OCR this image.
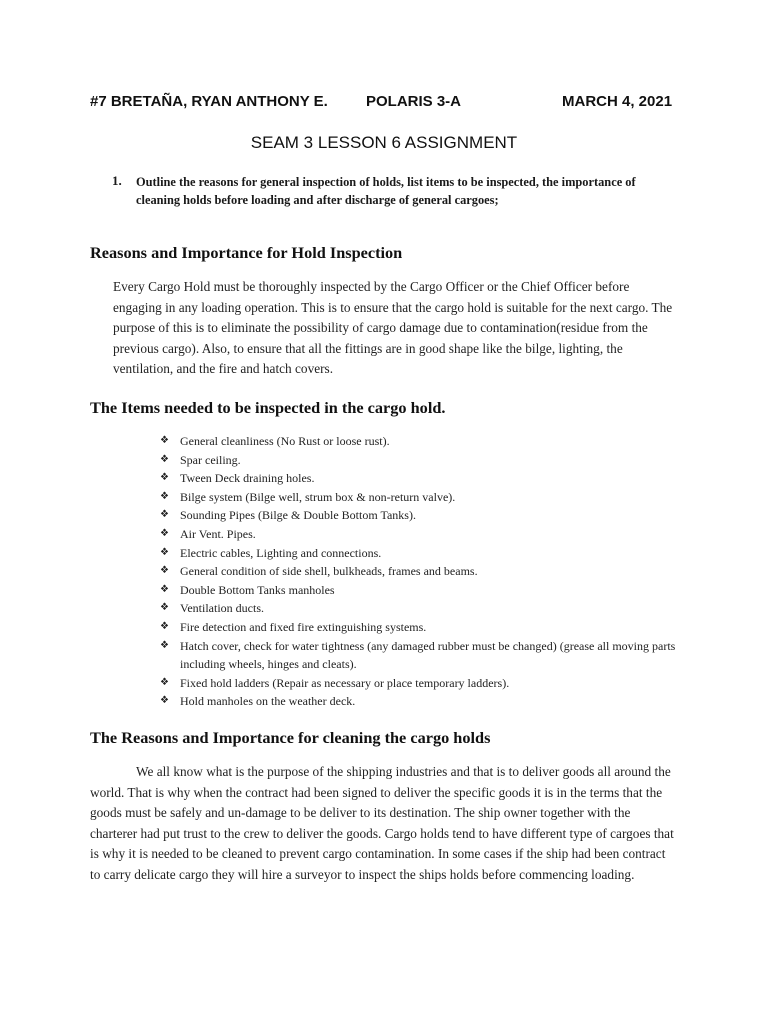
#7 BRETAÑA, RYAN ANTHONY E.	POLARIS 3-A	MARCH 4, 2021
SEAM 3 LESSON 6 ASSIGNMENT
1. Outline the reasons for general inspection of holds, list items to be inspected, the importance of cleaning holds before loading and after discharge of general cargoes;

Reasons and Importance for Hold Inspection

Every Cargo Hold must be thoroughly inspected by the Cargo Officer or the Chief Officer before engaging in any loading operation. This is to ensure that the cargo hold is suitable for the next cargo. The purpose of this is to eliminate the possibility of cargo damage due to contamination(residue from the previous cargo). Also, to ensure that all the fittings are in good shape like the bilge, lighting, the ventilation, and the fire and hatch covers.

The Items needed to be inspected in the cargo hold.
❖ General cleanliness (No Rust or loose rust).
❖ Spar ceiling.
❖ Tween Deck draining holes.
❖ Bilge system (Bilge well, strum box & non-return valve).
❖ Sounding Pipes (Bilge & Double Bottom Tanks).
❖ Air Vent. Pipes.
❖ Electric cables, Lighting and connections.
❖ General condition of side shell, bulkheads, frames and beams.
❖ Double Bottom Tanks manholes
❖ Ventilation ducts.
❖ Fire detection and fixed fire extinguishing systems.
❖ Hatch cover, check for water tightness (any damaged rubber must be changed) (grease all moving parts including wheels, hinges and cleats).
❖ Fixed hold ladders (Repair as necessary or place temporary ladders).
❖ Hold manholes on the weather deck.
The Reasons and Importance for cleaning the cargo holds

We all know what is the purpose of the shipping industries and that is to deliver goods all around the world. That is why when the contract had been signed to deliver the specific goods it is in the terms that the goods must be safely and un-damage to be deliver to its destination. The ship owner together with the charterer had put trust to the crew to deliver the goods. Cargo holds tend to have different type of cargoes that is why it is needed to be cleaned to prevent cargo contamination. In some cases if the ship had been contract to carry delicate cargo they will hire a surveyor to inspect the ships holds before commencing loading.
